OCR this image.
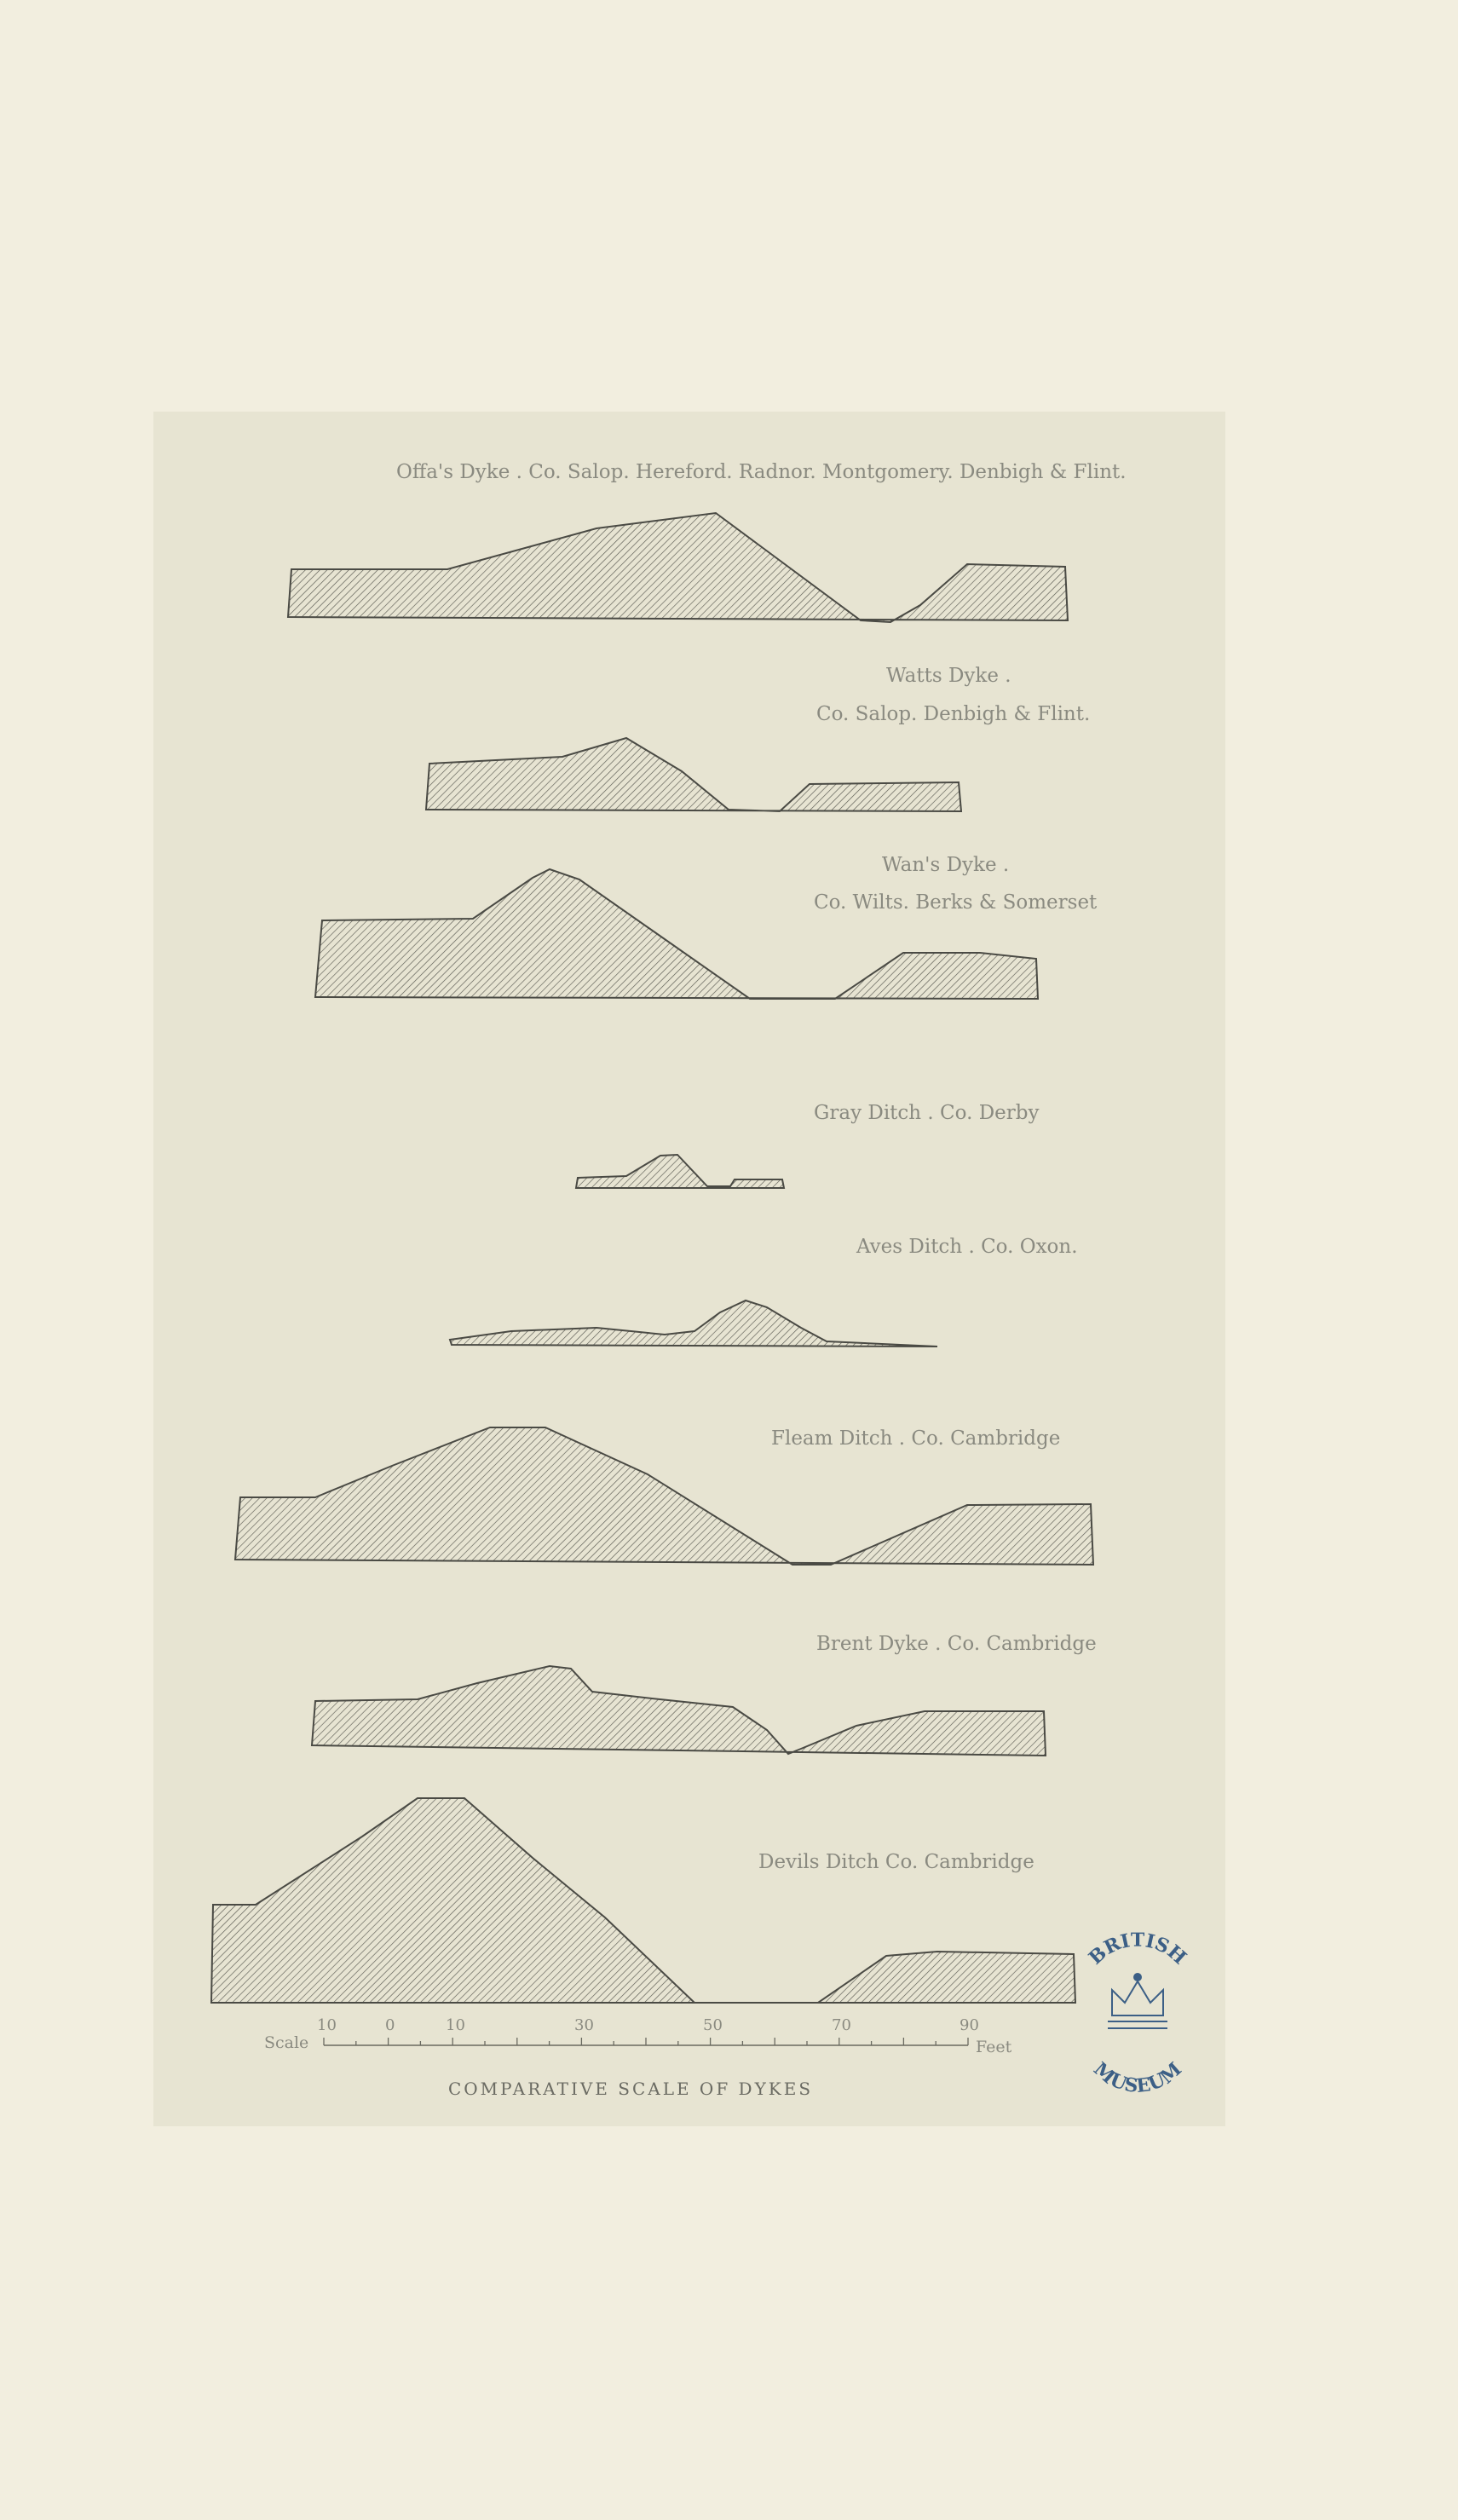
Offa's Dyke . Co. Salop. Hereford. Radnor. Montgomery. Denbigh & Flint.
Watts Dyke .
Co. Salop. Denbigh & Flint.
Wan's Dyke .
Co. Wilts. Berks & Somerset
Gray Ditch . Co. Derby
Aves Ditch . Co. Oxon.
Fleam Ditch . Co. Cambridge
Brent Dyke . Co. Cambridge
Devils Ditch Co. Cambridge
Scale	Feet
10	0	10	30	50	70	90
COMPARATIVE SCALE OF DYKES
BRITISH
MUSEUM
